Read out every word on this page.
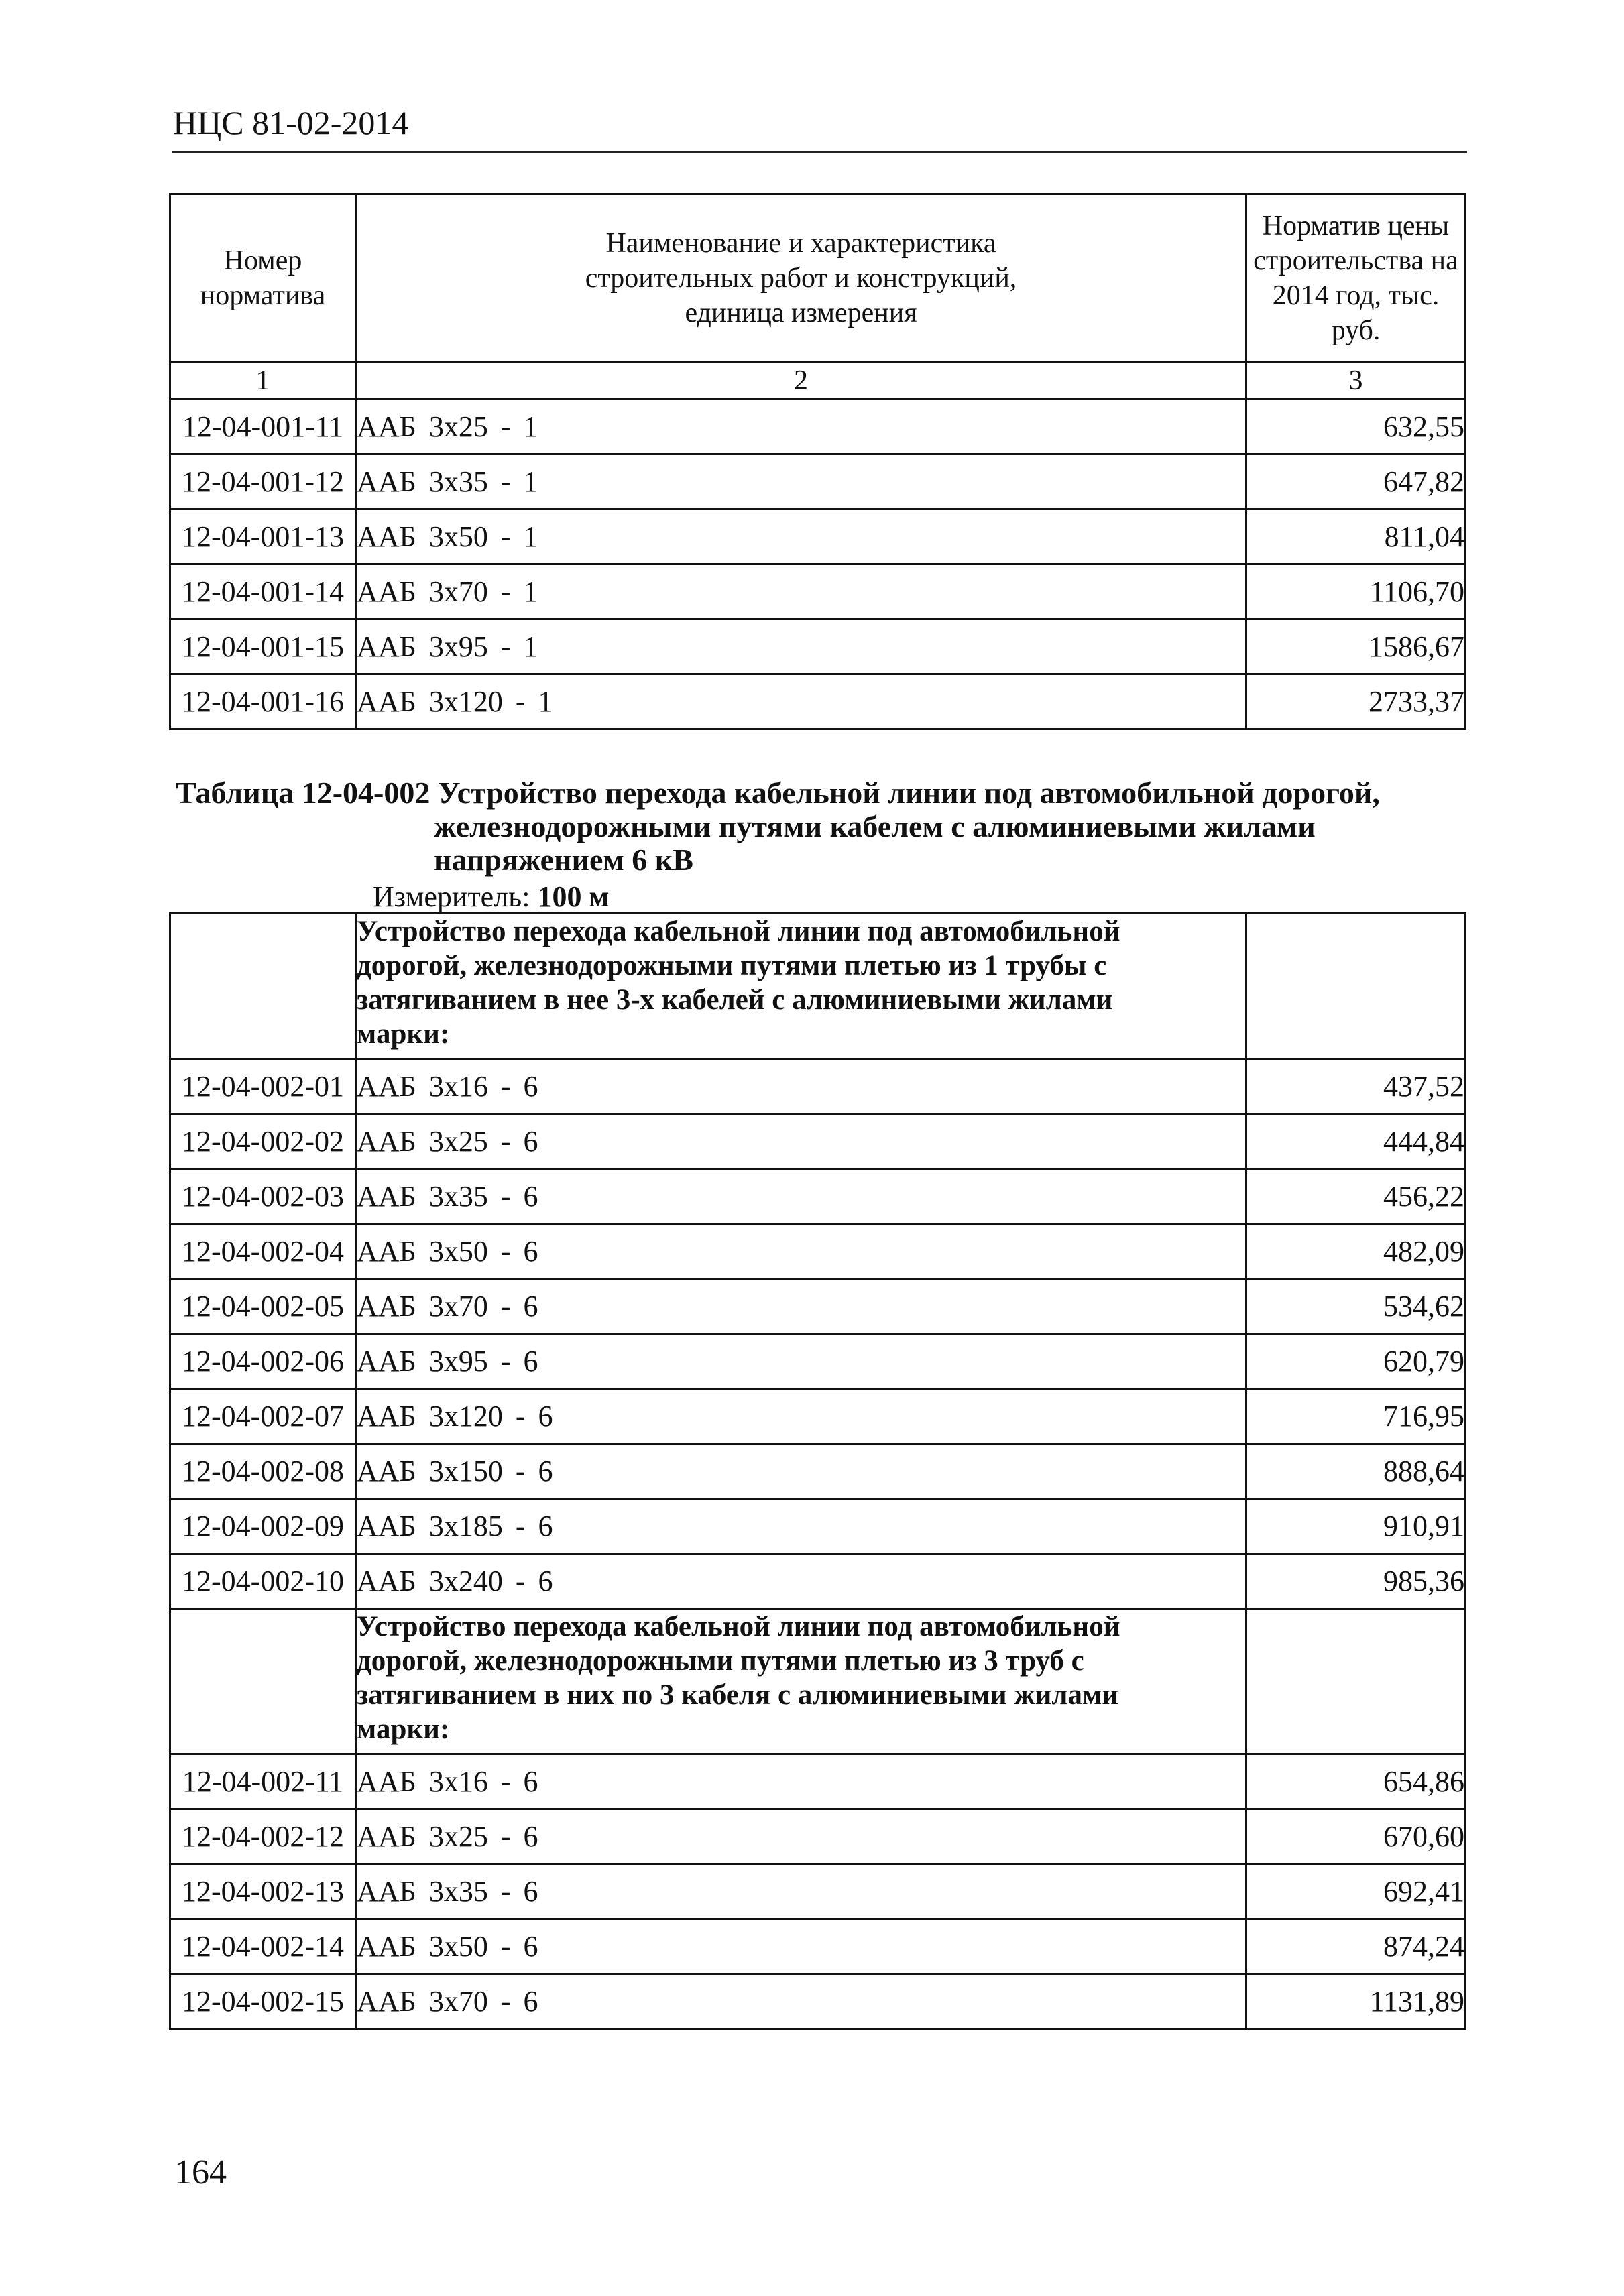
НЦС 81-02-2014
Номер норматива	Наименование и характеристика строительных работ и конструкций, единица измерения	Норматив цены строительства на 2014 год, тыс. руб.

1	2	3
12-04-001-11	ААБ 3х25 - 1	632,55
12-04-001-12	ААБ 3х35 - 1	647,82
12-04-001-13	ААБ 3х50 - 1	811,04
12-04-001-14	ААБ 3х70 - 1	1106,70
12-04-001-15	ААБ 3х95 - 1	1586,67
12-04-001-16	ААБ 3х120 - 1	2733,37
Таблица 12-04-002 Устройство перехода кабельной линии под автомобильной дорогой,
железнодорожными путями кабелем с алюминиевыми жилами
напряжением 6 кВ
Измеритель: 100 м

	Устройство перехода кабельной линии под автомобильной
дорогой, железнодорожными путями плетью из 1 трубы с
затягиванием в нее 3-х кабелей с алюминиевыми жилами
марки:	

12-04-002-01	ААБ 3х16 - 6	437,52
12-04-002-02	ААБ 3х25 - 6	444,84
12-04-002-03	ААБ 3х35 - 6	456,22
12-04-002-04	ААБ 3х50 - 6	482,09
12-04-002-05	ААБ 3х70 - 6	534,62
12-04-002-06	ААБ 3х95 - 6	620,79
12-04-002-07	ААБ 3х120 - 6	716,95
12-04-002-08	ААБ 3х150 - 6	888,64
12-04-002-09	ААБ 3х185 - 6	910,91
12-04-002-10	ААБ 3х240 - 6	985,36

	Устройство перехода кабельной линии под автомобильной
дорогой, железнодорожными путями плетью из 3 труб с
затягиванием в них по 3 кабеля с алюминиевыми жилами
марки:	

12-04-002-11	ААБ 3х16 - 6	654,86
12-04-002-12	ААБ 3х25 - 6	670,60
12-04-002-13	ААБ 3х35 - 6	692,41
12-04-002-14	ААБ 3х50 - 6	874,24
12-04-002-15	ААБ 3х70 - 6	1131,89
164
